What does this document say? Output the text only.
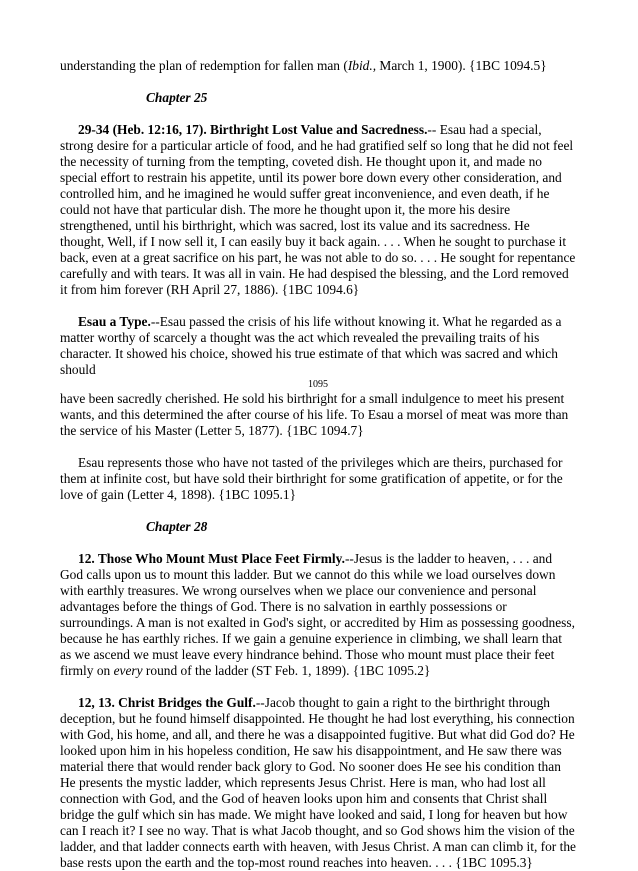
understanding the plan of redemption for fallen man (Ibid., March 1, 1900). {1BC 1094.5}

Chapter 25

29-34 (Heb. 12:16, 17). Birthright Lost Value and Sacredness.-- Esau had a special, strong desire for a particular article of food, and he had gratified self so long that he did not feel the necessity of turning from the tempting, coveted dish. He thought upon it, and made no special effort to restrain his appetite, until its power bore down every other consideration, and controlled him, and he imagined he would suffer great inconvenience, and even death, if he could not have that particular dish. The more he thought upon it, the more his desire strengthened, until his birthright, which was sacred, lost its value and its sacredness. He thought, Well, if I now sell it, I can easily buy it back again. . . . When he sought to purchase it back, even at a great sacrifice on his part, he was not able to do so. . . . He sought for repentance carefully and with tears. It was all in vain. He had despised the blessing, and the Lord removed it from him forever (RH April 27, 1886). {1BC 1094.6}

Esau a Type.--Esau passed the crisis of his life without knowing it. What he regarded as a matter worthy of scarcely a thought was the act which revealed the prevailing traits of his character. It showed his choice, showed his true estimate of that which was sacred and which should

1095

have been sacredly cherished. He sold his birthright for a small indulgence to meet his present wants, and this determined the after course of his life. To Esau a morsel of meat was more than the service of his Master (Letter 5, 1877). {1BC 1094.7}

Esau represents those who have not tasted of the privileges which are theirs, purchased for them at infinite cost, but have sold their birthright for some gratification of appetite, or for the love of gain (Letter 4, 1898). {1BC 1095.1}

Chapter 28

12. Those Who Mount Must Place Feet Firmly.--Jesus is the ladder to heaven, . . . and God calls upon us to mount this ladder. But we cannot do this while we load ourselves down with earthly treasures. We wrong ourselves when we place our convenience and personal advantages before the things of God. There is no salvation in earthly possessions or surroundings. A man is not exalted in God's sight, or accredited by Him as possessing goodness, because he has earthly riches. If we gain a genuine experience in climbing, we shall learn that as we ascend we must leave every hindrance behind. Those who mount must place their feet firmly on every round of the ladder (ST Feb. 1, 1899). {1BC 1095.2}

12, 13. Christ Bridges the Gulf.--Jacob thought to gain a right to the birthright through deception, but he found himself disappointed. He thought he had lost everything, his connection with God, his home, and all, and there he was a disappointed fugitive. But what did God do? He looked upon him in his hopeless condition, He saw his disappointment, and He saw there was material there that would render back glory to God. No sooner does He see his condition than He presents the mystic ladder, which represents Jesus Christ. Here is man, who had lost all connection with God, and the God of heaven looks upon him and consents that Christ shall bridge the gulf which sin has made. We might have looked and said, I long for heaven but how can I reach it? I see no way. That is what Jacob thought, and so God shows him the vision of the ladder, and that ladder connects earth with heaven, with Jesus Christ. A man can climb it, for the base rests upon the earth and the top-most round reaches into heaven. . . . {1BC 1095.3}
